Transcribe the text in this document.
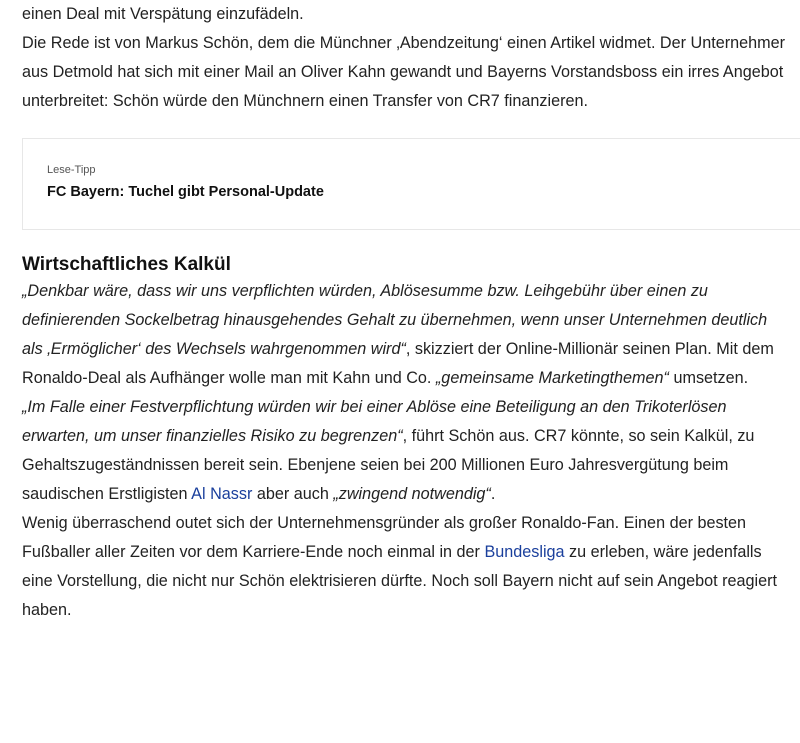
einen Deal mit Verspätung einzufädeln.

Die Rede ist von Markus Schön, dem die Münchner ‚Abendzeitung‘ einen Artikel widmet. Der Unternehmer aus Detmold hat sich mit einer Mail an Oliver Kahn gewandt und Bayerns Vorstandsboss ein irres Angebot unterbreitet: Schön würde den Münchnern einen Transfer von CR7 finanzieren.

Lese-Tipp
FC Bayern: Tuchel gibt Personal-Update
Wirtschaftliches Kalkül

„Denkbar wäre, dass wir uns verpflichten würden, Ablösesumme bzw. Leihgebühr über einen zu definierenden Sockelbetrag hinausgehendes Gehalt zu übernehmen, wenn unser Unternehmen deutlich als ‚Ermöglicher‘ des Wechsels wahrgenommen wird“, skizziert der Online-Millionär seinen Plan. Mit dem Ronaldo-Deal als Aufhänger wolle man mit Kahn und Co. „gemeinsame Marketingthemen“ umsetzen.

„Im Falle einer Festverpflichtung würden wir bei einer Ablöse eine Beteiligung an den Trikoterlösen erwarten, um unser finanzielles Risiko zu begrenzen“, führt Schön aus. CR7 könnte, so sein Kalkül, zu Gehaltszugeständnissen bereit sein. Ebenjene seien bei 200 Millionen Euro Jahresvergütung beim saudischen Erstligisten Al Nassr aber auch „zwingend notwendig“.

Wenig überraschend outet sich der Unternehmensgründer als großer Ronaldo-Fan. Einen der besten Fußballer aller Zeiten vor dem Karriere-Ende noch einmal in der Bundesliga zu erleben, wäre jedenfalls eine Vorstellung, die nicht nur Schön elektrisieren dürfte. Noch soll Bayern nicht auf sein Angebot reagiert haben.
